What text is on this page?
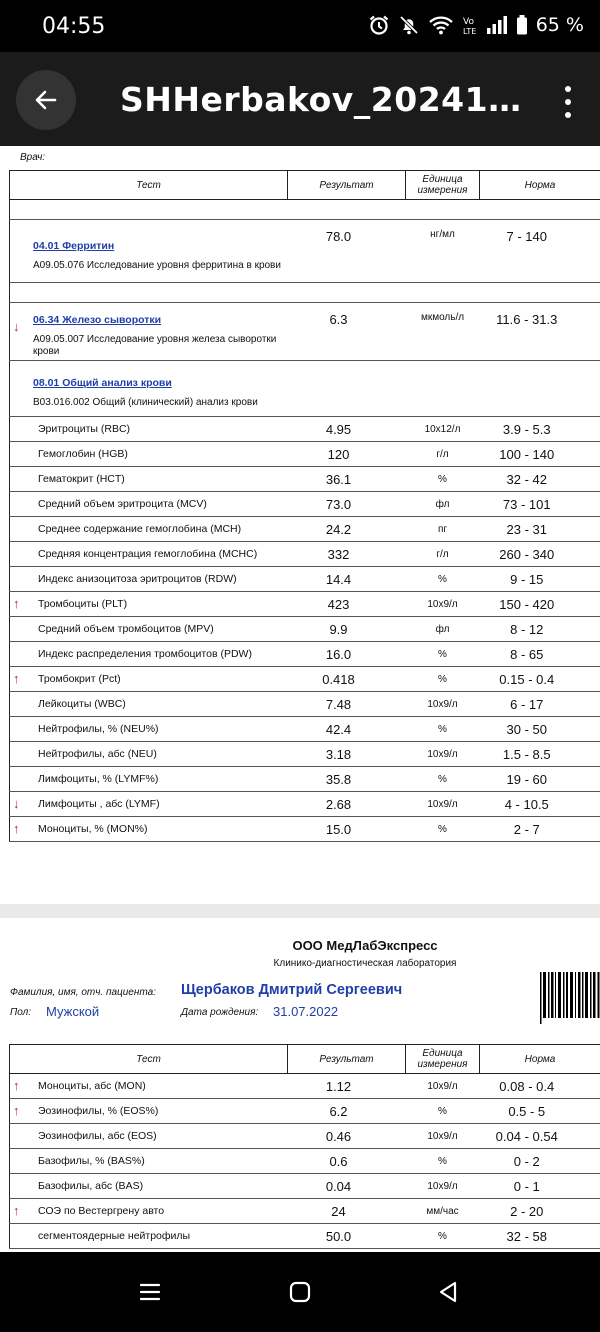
04:55	Vo
LTE	65 %
SHHerbakov_20241…
Врач:
Тест	Результат	Единица измерения	Норма

04.01 Ферритин
A09.05.076 Исследование уровня ферритина в крови	78.0	нг/мл	7 - 140

↓ 06.34 Железо сыворотки
A09.05.007 Исследование уровня железа сыворотки крови	6.3	мкмоль/л	11.6 - 31.3

08.01 Общий анализ крови
B03.016.002 Общий (клинический) анализ крови			

Эритроциты (RBC)	4.95	10x12/л	3.9 - 5.3

Гемоглобин (HGB)	120	г/л	100 - 140

Гематокрит (HCT)	36.1	%	32 - 42

Средний объем эритроцита (MCV)	73.0	фл	73 - 101

Среднее содержание гемоглобина (MCH)	24.2	пг	23 - 31

Средняя концентрация гемоглобина (MCHC)	332	г/л	260 - 340

Индекс анизоцитоза эритроцитов (RDW)	14.4	%	9 - 15

↑ Тромбоциты (PLT)	423	10x9/л	150 - 420

Средний объем тромбоцитов (MPV)	9.9	фл	8 - 12

Индекс распределения тромбоцитов (PDW)	16.0	%	8 - 65

↑ Тромбокрит (Pct)	0.418	%	0.15 - 0.4

Лейкоциты (WBC)	7.48	10x9/л	6 - 17

Нейтрофилы, % (NEU%)	42.4	%	30 - 50

Нейтрофилы, абс (NEU)	3.18	10x9/л	1.5 - 8.5

Лимфоциты, % (LYMF%)	35.8	%	19 - 60

↓ Лимфоциты , абс (LYMF)	2.68	10x9/л	4 - 10.5

↑ Моноциты, % (MON%)	15.0	%	2 - 7
ООО МедЛабЭкспресс
Клинико-диагностическая лаборатория
Фамилия, имя, отч. пациента: Щербаков Дмитрий Сергеевич
Пол: Мужской	Дата рождения: 31.07.2022
Тест	Результат	Единица измерения	Норма

↑ Моноциты, абс (MON)	1.12	10x9/л	0.08 - 0.4

↑ Эозинофилы, % (EOS%)	6.2	%	0.5 - 5

Эозинофилы, абс (EOS)	0.46	10x9/л	0.04 - 0.54

Базофилы, % (BAS%)	0.6	%	0 - 2

Базофилы, абс (BAS)	0.04	10x9/л	0 - 1

↑ СОЭ по Вестергрену авто	24	мм/час	2 - 20

сегментоядерные нейтрофилы	50.0	%	32 - 58
